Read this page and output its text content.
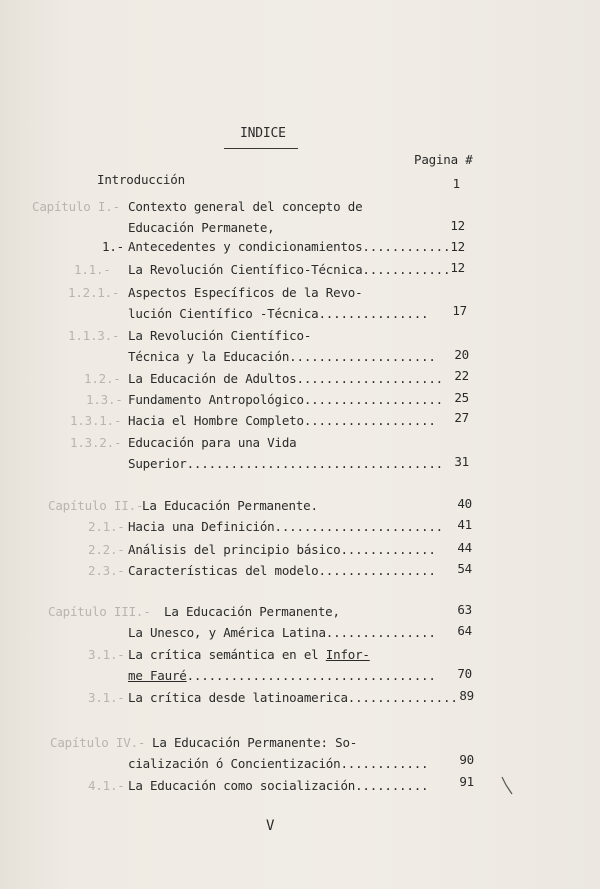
INDICE
Pagina #
Introducción	1
Capítulo I.- Contexto general del concepto de
Educación Permanete,	12
1.- Antecedentes y condicionamientos............ 12
1.1.- La Revolución Científico-Técnica............ 12
1.2.1.- Aspectos Específicos de la Revo-
lución Científico -Técnica...............	17
1.1.3.- La Revolución Científico-
Técnica y la Educación....................	20
1.2.- La Educación de Adultos.................... 22
1.3.- Fundamento Antropológico................... 25
1.3.1.- Hacia el Hombre Completo..................	27
1.3.2.- Educación para una Vida
Superior................................... 31
Capítulo II.-
La Educación Permanente.	40
2.1.- Hacia una Definición.......................	41
2.2.- Análisis del principio básico.............	44
2.3.- Características del modelo................	54
Capítulo III.- La Educación Permanente,	63
La Unesco, y América Latina...............	64
3.1.- La crítica semántica en el Infor-
me Fauré..................................	70
3.1.- La crítica desde latinoamerica............... 89
Capítulo IV.- La Educación Permanente: So-
cialización ó Concientización............	90
4.1.- La Educación como socialización..........	91
V
